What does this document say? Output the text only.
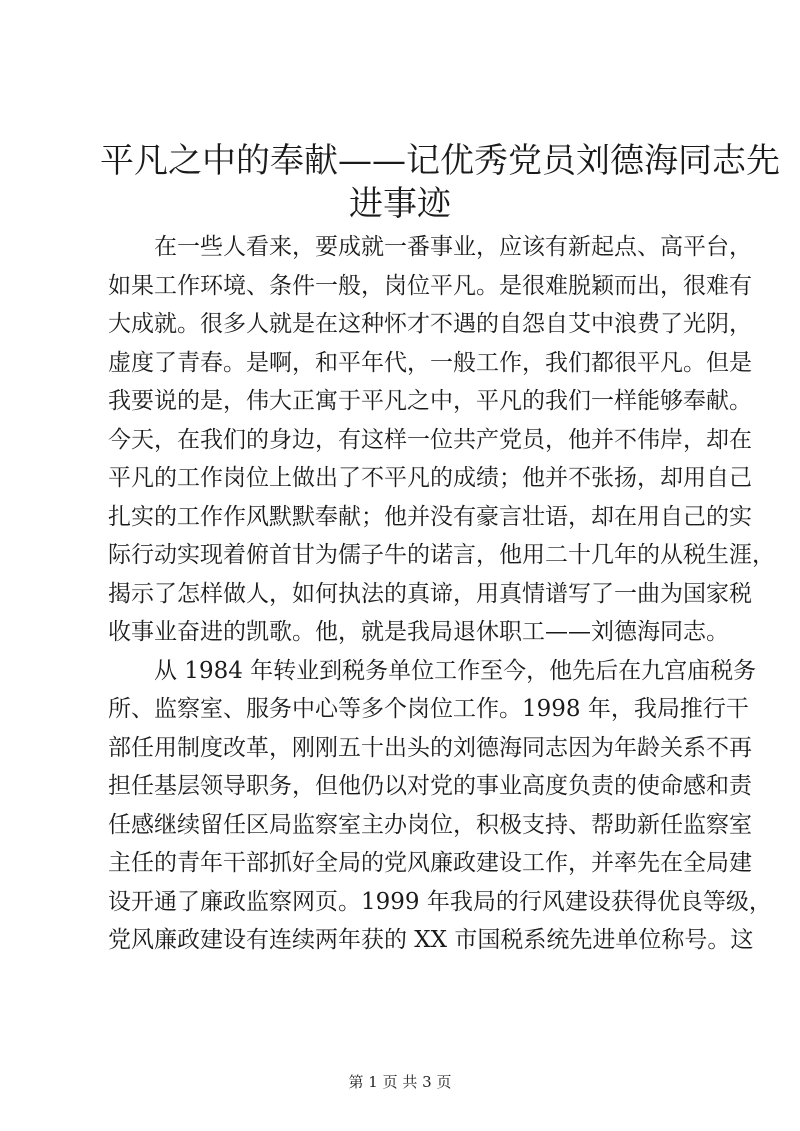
平凡之中的奉献——记优秀党员刘德海同志先
进事迹
在一些人看来，要成就一番事业，应该有新起点、高平台，
如果工作环境、条件一般，岗位平凡。是很难脱颖而出，很难有
大成就。很多人就是在这种怀才不遇的自怨自艾中浪费了光阴，
虚度了青春。是啊，和平年代，一般工作，我们都很平凡。但是
我要说的是，伟大正寓于平凡之中，平凡的我们一样能够奉献。
今天，在我们的身边，有这样一位共产党员，他并不伟岸，却在
平凡的工作岗位上做出了不平凡的成绩；他并不张扬，却用自己
扎实的工作作风默默奉献；他并没有豪言壮语，却在用自己的实
际行动实现着俯首甘为儒子牛的诺言，他用二十几年的从税生涯，
揭示了怎样做人，如何执法的真谛，用真情谱写了一曲为国家税
收事业奋进的凯歌。他，就是我局退休职工——刘德海同志。
从 1984 年转业到税务单位工作至今，他先后在九宫庙税务
所、监察室、服务中心等多个岗位工作。1998 年，我局推行干
部任用制度改革，刚刚五十出头的刘德海同志因为年龄关系不再
担任基层领导职务，但他仍以对党的事业高度负责的使命感和责
任感继续留任区局监察室主办岗位，积极支持、帮助新任监察室
主任的青年干部抓好全局的党风廉政建设工作，并率先在全局建
设开通了廉政监察网页。1999 年我局的行风建设获得优良等级，
党风廉政建设有连续两年获的 XX 市国税系统先进单位称号。这
第 1 页 共 3 页
